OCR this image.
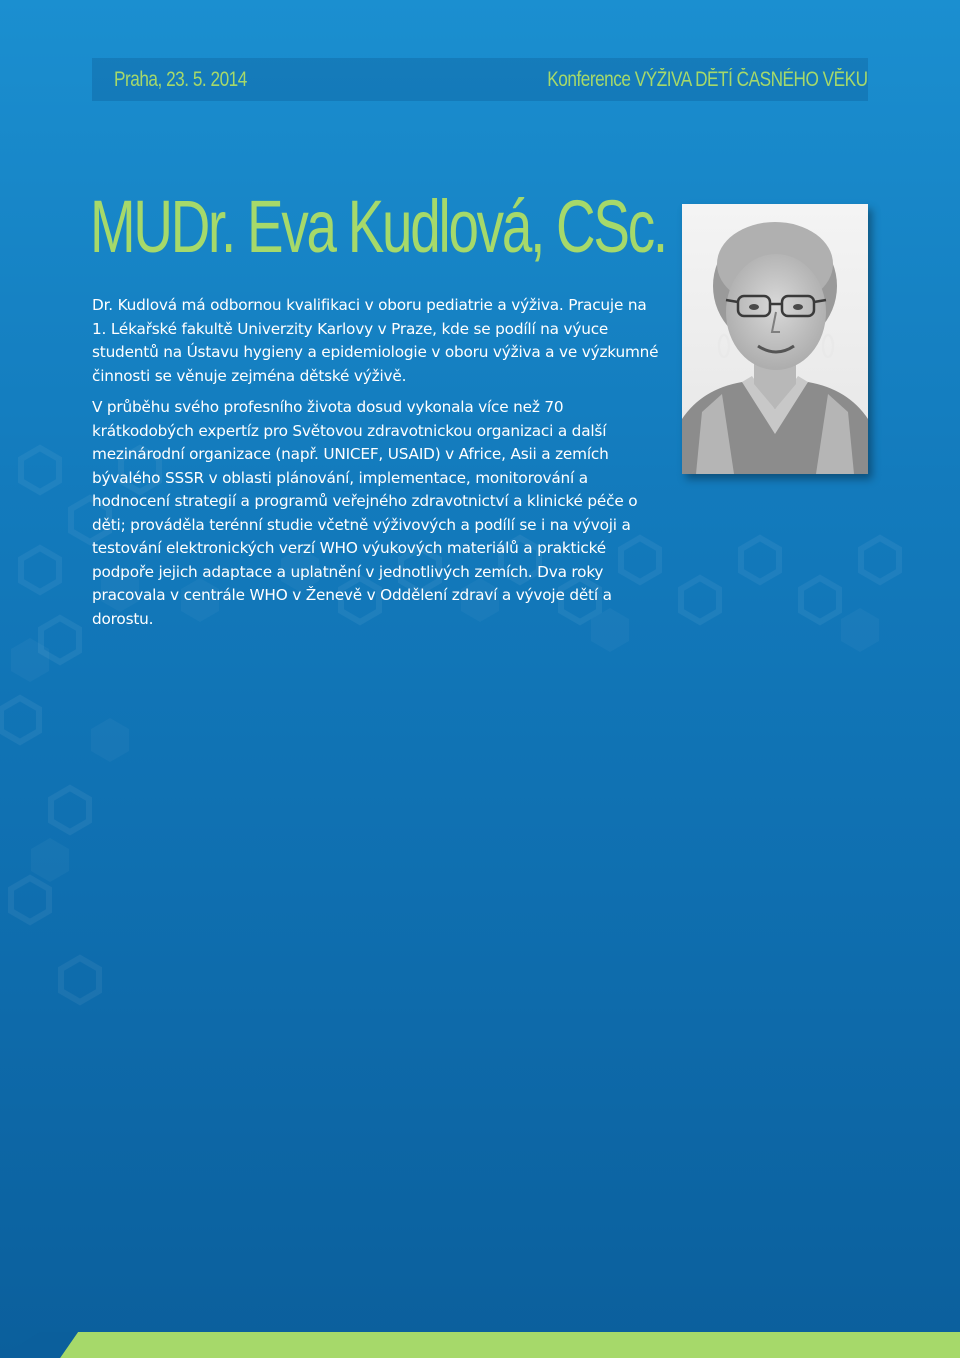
Praha, 23. 5. 2014	Konference VÝŽIVA DĚTÍ ČASNÉHO VĚKU
MUDr. Eva Kudlová, CSc.

Dr. Kudlová má odbornou kvalifikaci v oboru pediatrie a výživa. Pracuje na 1. Lékařské fakultě Univerzity Karlovy v Praze, kde se podílí na výuce studentů na Ústavu hygieny a epidemiologie v oboru výživa a ve výzkumné činnosti se věnuje zejména dětské výživě.

V průběhu svého profesního života dosud vykonala více než 70 krátkodobých expertíz pro Světovou zdravotnickou organizaci a další mezinárodní organizace (např. UNICEF, USAID) v Africe, Asii a zemích bývalého SSSR v oblasti plánování, implementace, monitorování a hodnocení strategií a programů veřejného zdravotnictví a klinické péče o děti; prováděla terénní studie včetně výživových a podílí se i na vývoji a testování elektronických verzí WHO výukových materiálů a praktické podpoře jejich adaptace a uplatnění v jednotlivých zemích. Dva roky pracovala v centrále WHO v Ženevě v Oddělení zdraví a vývoje dětí a dorostu.
